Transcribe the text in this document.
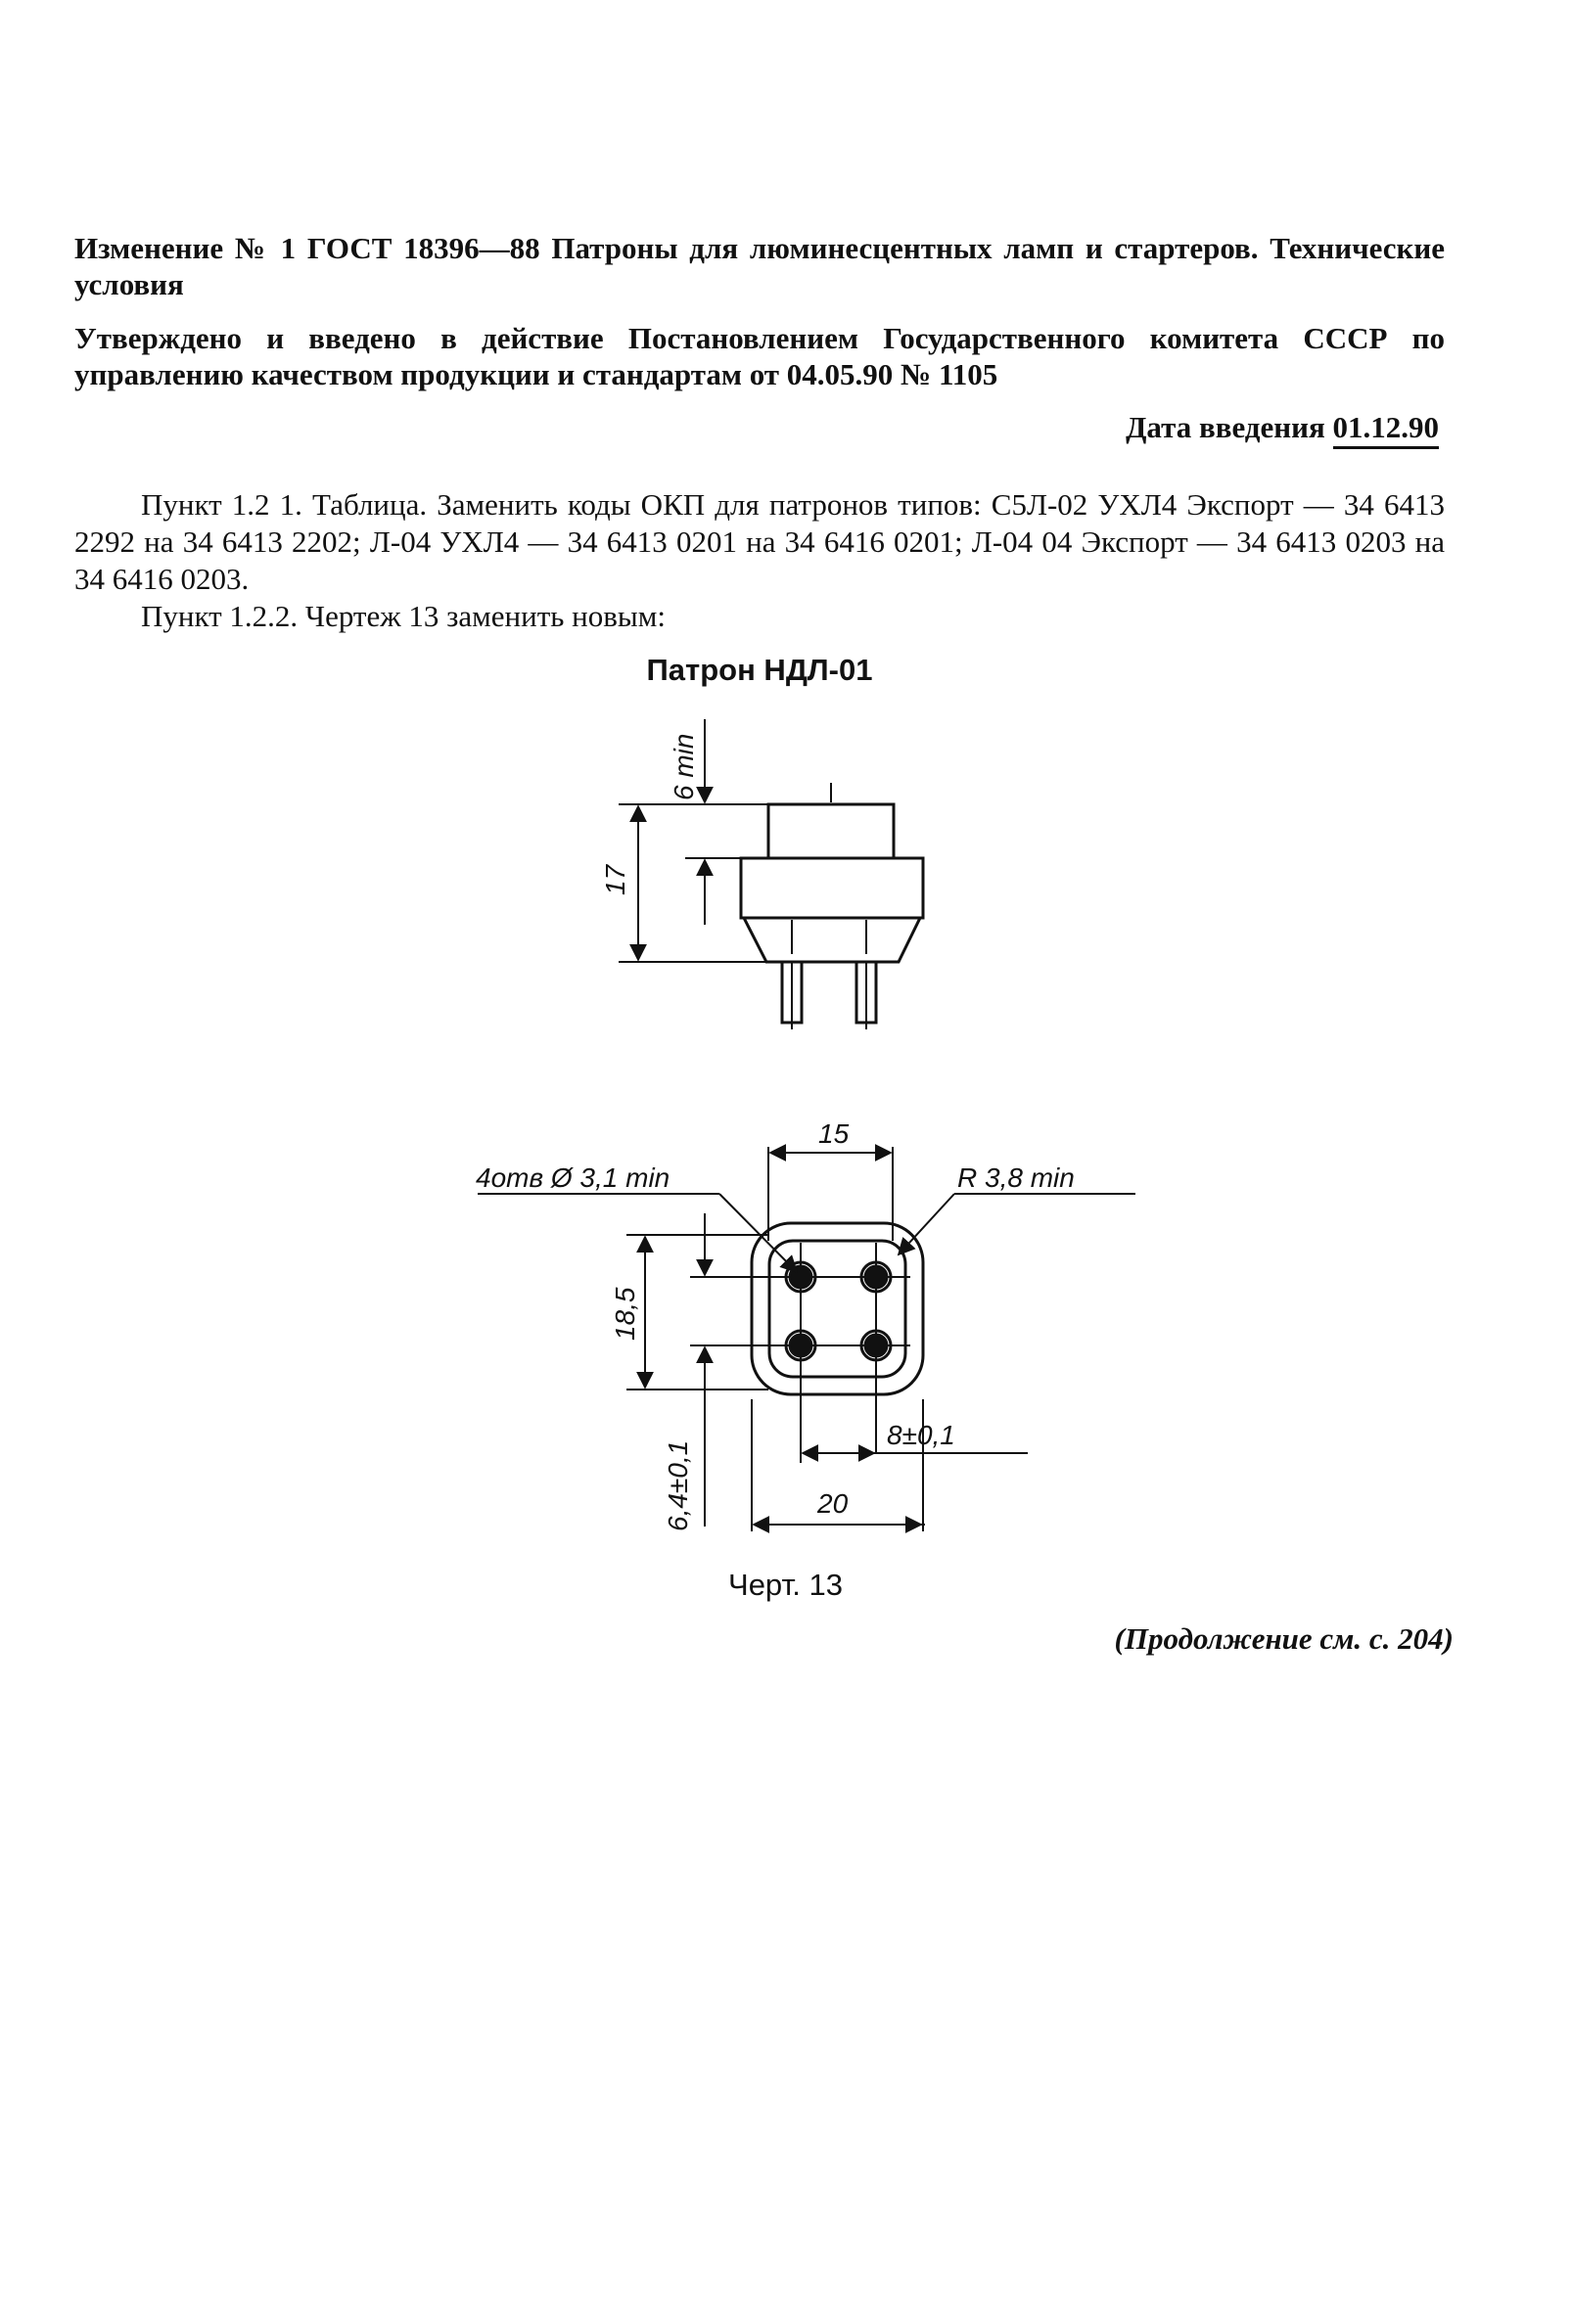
6 min
17
15
4отв Ø 3,1 min	R 3,8 min
18,5
6,4±0,1
8±0,1
20

Изменение № 1 ГОСТ 18396—88 Патроны для люминесцентных ламп и стартеров. Технические условия

Утверждено и введено в действие Постановлением Государственного комитета СССР по управлению качеством продукции и стандартам от 04.05.90 № 1105

Дата введения 01.12.90

Пункт 1.2 1. Таблица. Заменить коды ОКП для патронов типов: С5Л-02 УХЛ4 Экспорт — 34 6413 2292 на 34 6413 2202; Л-04 УХЛ4 — 34 6413 0201 на 34 6416 0201; Л-04 04 Экспорт — 34 6413 0203 на 34 6416 0203.

Пункт 1.2.2. Чертеж 13 заменить новым:

Патрон НДЛ-01
Черт. 13
(Продолжение см. с. 204)
